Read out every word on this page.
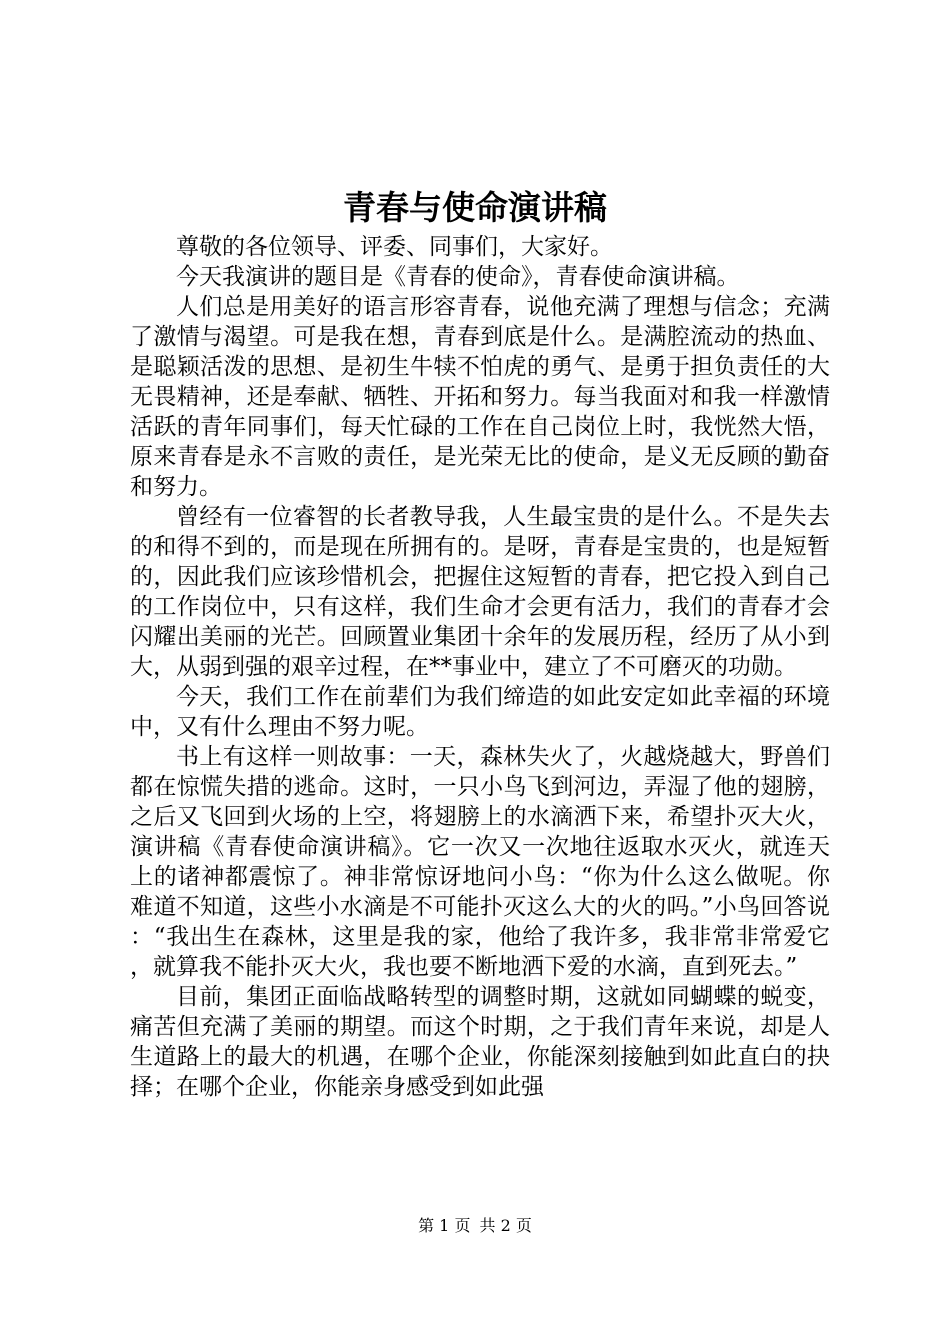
青春与使命演讲稿

尊敬的各位领导、评委、同事们，大家好。

今天我演讲的题目是《青春的使命》，青春使命演讲稿。

人们总是用美好的语言形容青春，说他充满了理想与信念；充满了激情与渴望。可是我在想，青春到底是什么。是满腔流动的热血、是聪颖活泼的思想、是初生牛犊不怕虎的勇气、是勇于担负责任的大无畏精神，还是奉献、牺牲、开拓和努力。每当我面对和我一样激情活跃的青年同事们，每天忙碌的工作在自己岗位上时，我恍然大悟，原来青春是永不言败的责任，是光荣无比的使命，是义无反顾的勤奋和努力。

曾经有一位睿智的长者教导我，人生最宝贵的是什么。不是失去的和得不到的，而是现在所拥有的。是呀，青春是宝贵的，也是短暂的，因此我们应该珍惜机会，把握住这短暂的青春，把它投入到自己的工作岗位中，只有这样，我们生命才会更有活力，我们的青春才会闪耀出美丽的光芒。回顾置业集团十余年的发展历程，经历了从小到大，从弱到强的艰辛过程，在**事业中，建立了不可磨灭的功勋。

今天，我们工作在前辈们为我们缔造的如此安定如此幸福的环境中，又有什么理由不努力呢。

书上有这样一则故事：一天，森林失火了，火越烧越大，野兽们都在惊慌失措的逃命。这时，一只小鸟飞到河边，弄湿了他的翅膀，之后又飞回到火场的上空，将翅膀上的水滴洒下来，希望扑灭大火，演讲稿《青春使命演讲稿》。它一次又一次地往返取水灭火，就连天上的诸神都震惊了。神非常惊讶地问小鸟：“你为什么这么做呢。你难道不知道，这些小水滴是不可能扑灭这么大的火的吗。”小鸟回答说：“我出生在森林，这里是我的家，他给了我许多，我非常非常爱它，就算我不能扑灭大火，我也要不断地洒下爱的水滴，直到死去。”

目前，集团正面临战略转型的调整时期，这就如同蝴蝶的蜕变，痛苦但充满了美丽的期望。而这个时期，之于我们青年来说，却是人生道路上的最大的机遇，在哪个企业，你能深刻接触到如此直白的抉择；在哪个企业，你能亲身感受到如此强

第 1 页 共 2 页
